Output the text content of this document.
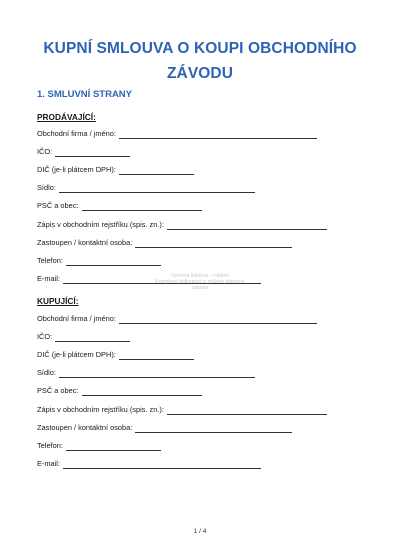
KUPNÍ SMLOUVA O KOUPI OBCHODNÍHO ZÁVODU
1. SMLUVNÍ STRANY
PRODÁVAJÍCÍ:
Obchodní firma / jméno:
IČO:
DIČ (je-li plátcem DPH):
Sídlo:
PSČ a obec:
Zápis v obchodním rejstříku (spis. zn.):
Zastoupen / kontaktní osoba:
Telefon:
E-mail:	Vzorová šablona – náhled
Kompletní dokument si můžete stáhnout zdarma
KUPUJÍCÍ:
Obchodní firma / jméno:
IČO:
DIČ (je-li plátcem DPH):
Sídlo:
PSČ a obec:
Zápis v obchodním rejstříku (spis. zn.):
Zastoupen / kontaktní osoba:
Telefon:
E-mail:
1 / 4
